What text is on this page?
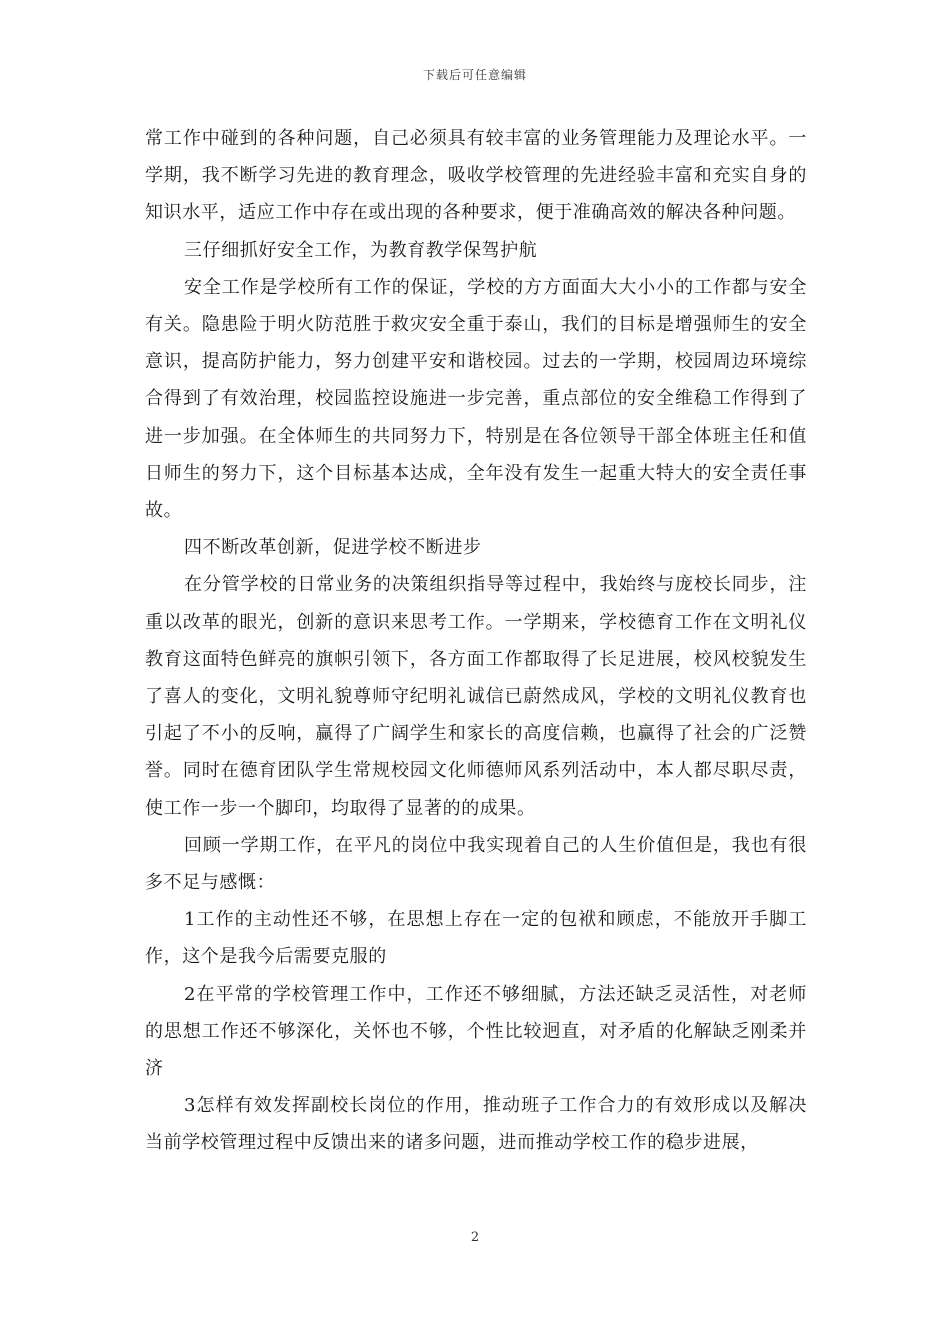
下载后可任意编辑

常工作中碰到的各种问题，自己必须具有较丰富的业务管理能力及理论水平。一学期，我不断学习先进的教育理念，吸收学校管理的先进经验丰富和充实自身的知识水平，适应工作中存在或出现的各种要求，便于准确高效的解决各种问题。

三仔细抓好安全工作，为教育教学保驾护航

安全工作是学校所有工作的保证，学校的方方面面大大小小的工作都与安全有关。隐患险于明火防范胜于救灾安全重于泰山，我们的目标是增强师生的安全意识，提高防护能力，努力创建平安和谐校园。过去的一学期，校园周边环境综合得到了有效治理，校园监控设施进一步完善，重点部位的安全维稳工作得到了进一步加强。在全体师生的共同努力下，特别是在各位领导干部全体班主任和值日师生的努力下，这个目标基本达成，全年没有发生一起重大特大的安全责任事故。

四不断改革创新，促进学校不断进步

在分管学校的日常业务的决策组织指导等过程中，我始终与庞校长同步，注重以改革的眼光，创新的意识来思考工作。一学期来，学校德育工作在文明礼仪教育这面特色鲜亮的旗帜引领下，各方面工作都取得了长足进展，校风校貌发生了喜人的变化，文明礼貌尊师守纪明礼诚信已蔚然成风，学校的文明礼仪教育也引起了不小的反响，赢得了广阔学生和家长的高度信赖，也赢得了社会的广泛赞誉。同时在德育团队学生常规校园文化师德师风系列活动中，本人都尽职尽责，使工作一步一个脚印，均取得了显著的的成果。

回顾一学期工作，在平凡的岗位中我实现着自己的人生价值但是，我也有很多不足与感慨：

1工作的主动性还不够，在思想上存在一定的包袱和顾虑，不能放开手脚工作，这个是我今后需要克服的

2在平常的学校管理工作中，工作还不够细腻，方法还缺乏灵活性，对老师的思想工作还不够深化，关怀也不够，个性比较迥直，对矛盾的化解缺乏刚柔并济

3怎样有效发挥副校长岗位的作用，推动班子工作合力的有效形成以及解决当前学校管理过程中反馈出来的诸多问题，进而推动学校工作的稳步进展，

2
